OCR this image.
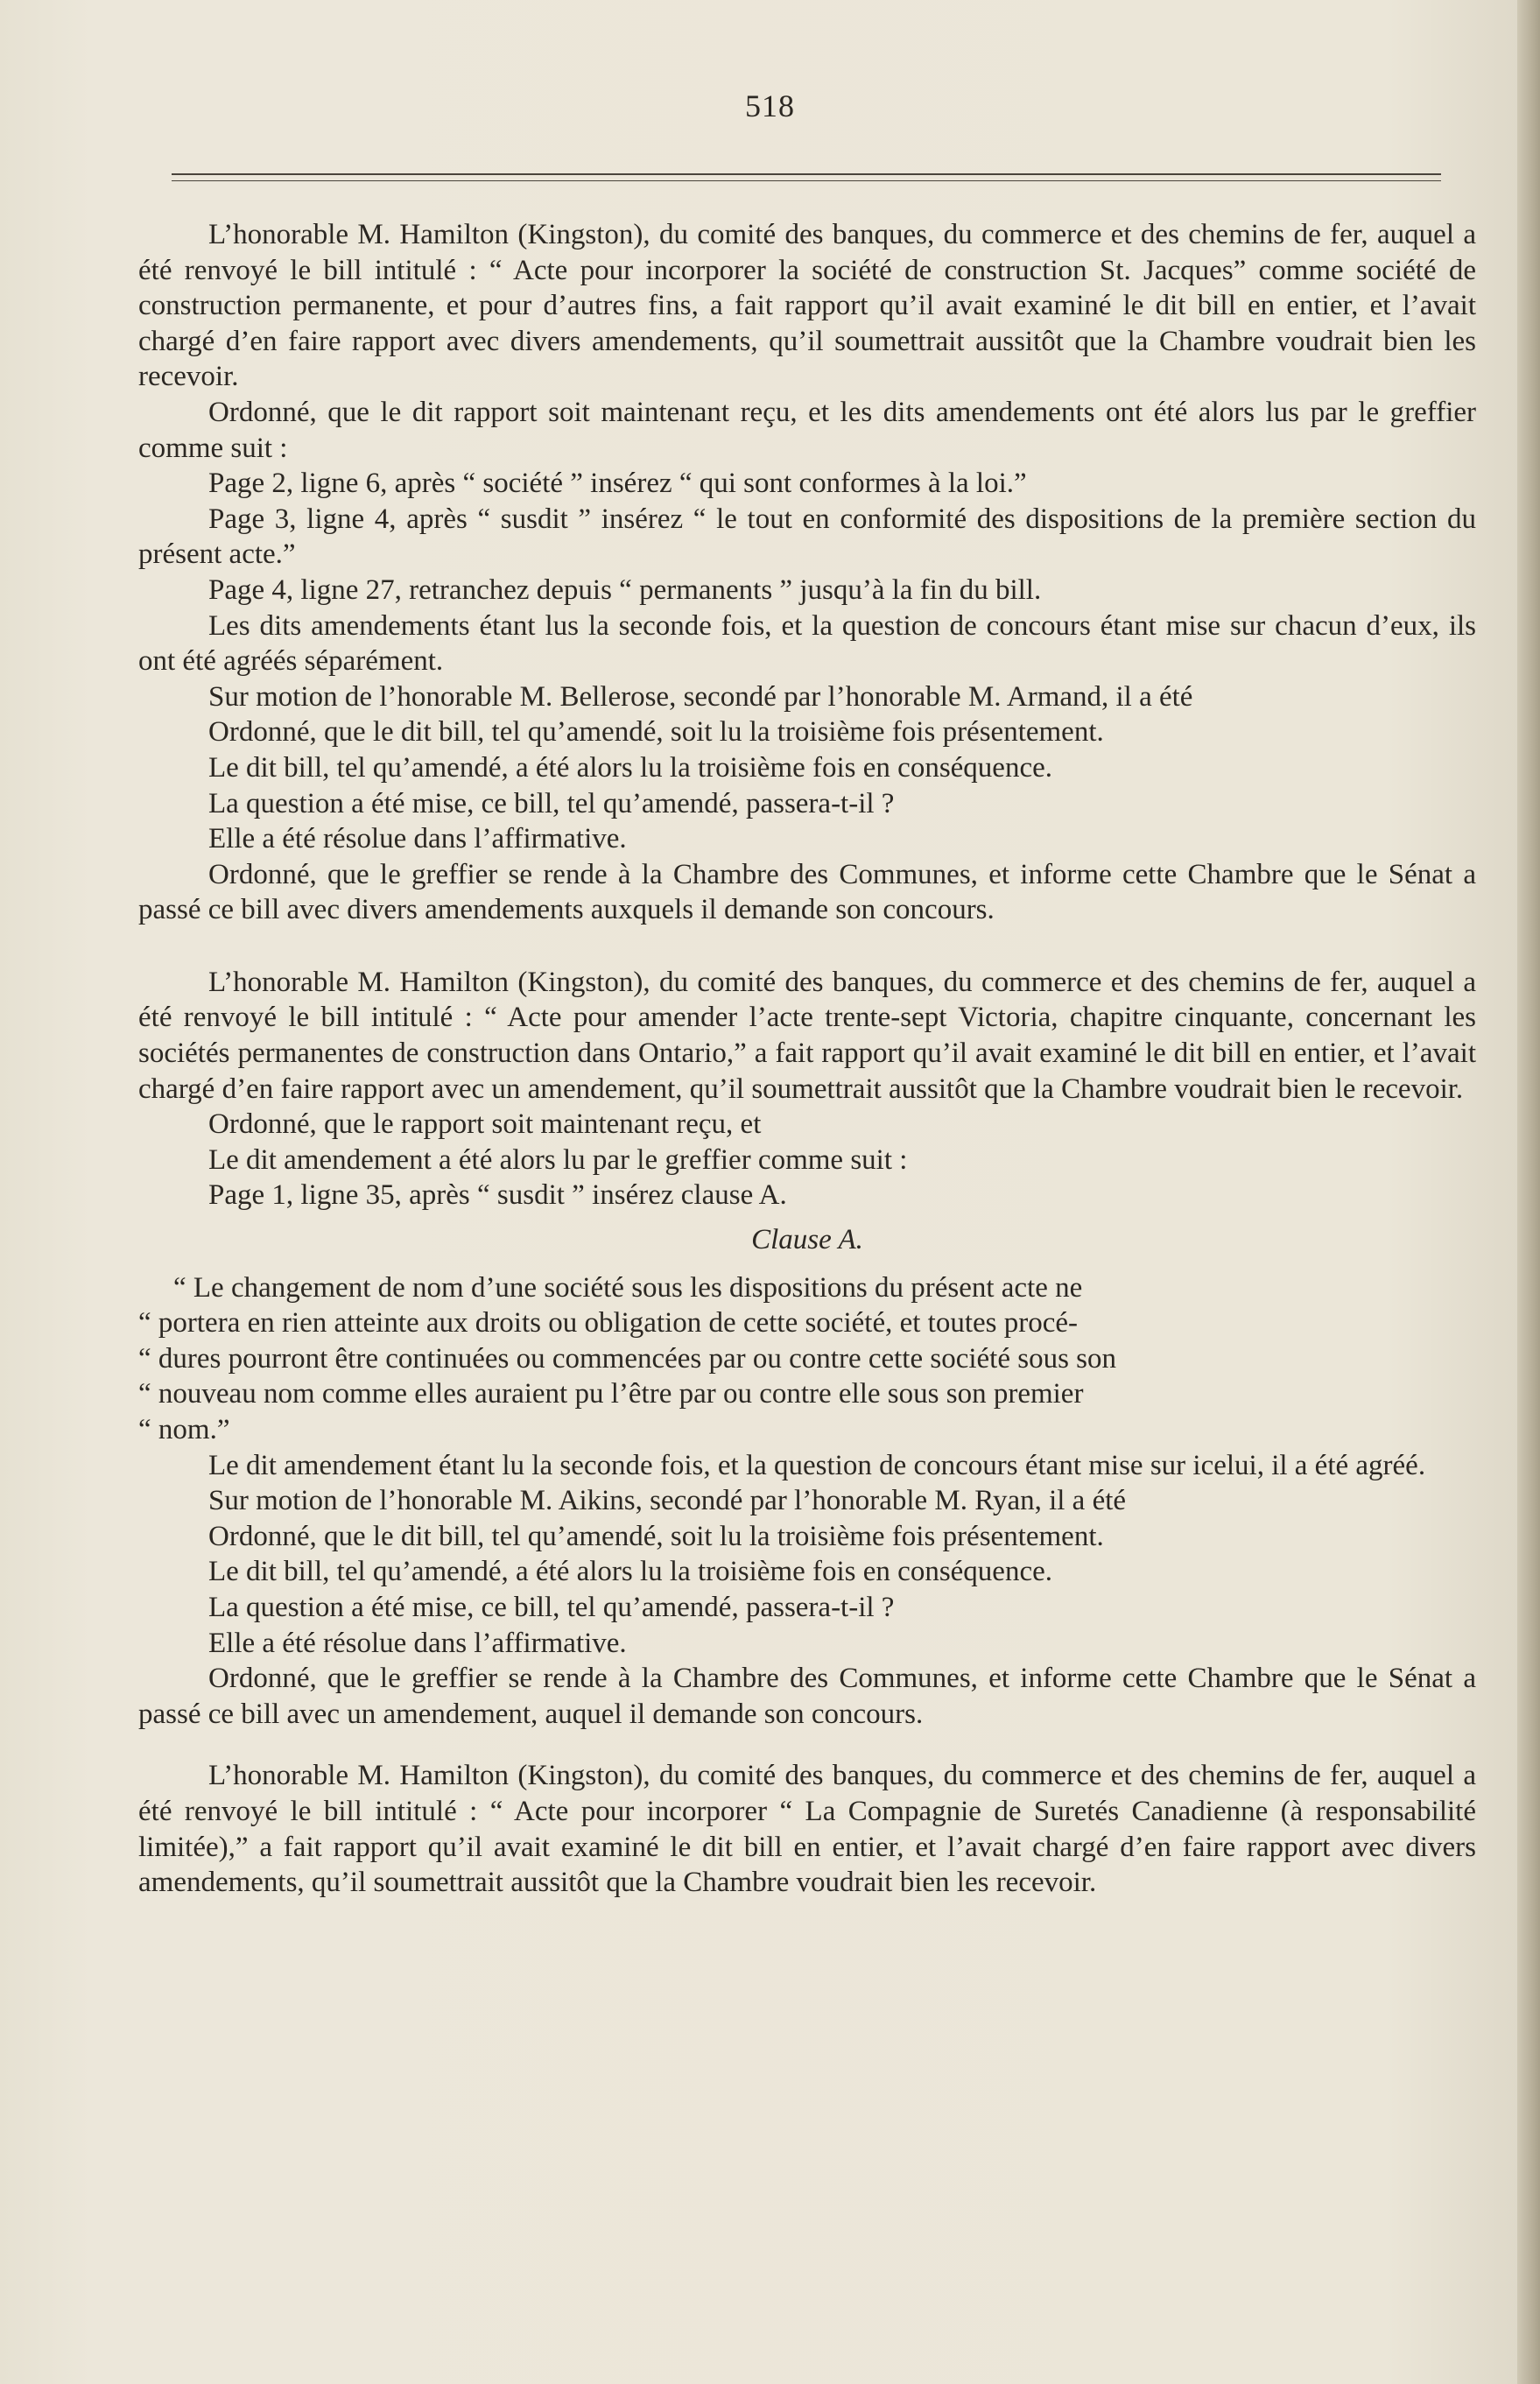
518

L’honorable M. Hamilton (Kingston), du comité des banques, du commerce et des chemins de fer, auquel a été renvoyé le bill intitulé : “ Acte pour incorporer la société de construction St. Jacques” comme société de construction permanente, et pour d’autres fins, a fait rapport qu’il avait examiné le dit bill en entier, et l’avait chargé d’en faire rapport avec divers amendements, qu’il soumettrait aussitôt que la Chambre voudrait bien les recevoir.

Ordonné, que le dit rapport soit maintenant reçu, et les dits amendements ont été alors lus par le greffier comme suit :

Page 2, ligne 6, après “ société ” insérez “ qui sont conformes à la loi.”

Page 3, ligne 4, après “ susdit ” insérez “ le tout en conformité des dispositions de la première section du présent acte.”

Page 4, ligne 27, retranchez depuis “ permanents ” jusqu’à la fin du bill.

Les dits amendements étant lus la seconde fois, et la question de concours étant mise sur chacun d’eux, ils ont été agréés séparément.

Sur motion de l’honorable M. Bellerose, secondé par l’honorable M. Armand, il a été

Ordonné, que le dit bill, tel qu’amendé, soit lu la troisième fois présentement.

Le dit bill, tel qu’amendé, a été alors lu la troisième fois en conséquence.

La question a été mise, ce bill, tel qu’amendé, passera-t-il ?

Elle a été résolue dans l’affirmative.

Ordonné, que le greffier se rende à la Chambre des Communes, et informe cette Chambre que le Sénat a passé ce bill avec divers amendements auxquels il demande son concours.

L’honorable M. Hamilton (Kingston), du comité des banques, du commerce et des chemins de fer, auquel a été renvoyé le bill intitulé : “ Acte pour amender l’acte trente-sept Victoria, chapitre cinquante, concernant les sociétés permanentes de construction dans Ontario,” a fait rapport qu’il avait examiné le dit bill en entier, et l’avait chargé d’en faire rapport avec un amendement, qu’il soumettrait aussitôt que la Chambre voudrait bien le recevoir.

Ordonné, que le rapport soit maintenant reçu, et

Le dit amendement a été alors lu par le greffier comme suit :

Page 1, ligne 35, après “ susdit ” insérez clause A.

Clause A.

“ Le changement de nom d’une société sous les dispositions du présent acte ne

“ portera en rien atteinte aux droits ou obligation de cette société, et toutes procé-

“ dures pourront être continuées ou commencées par ou contre cette société sous son

“ nouveau nom comme elles auraient pu l’être par ou contre elle sous son premier

“ nom.”

Le dit amendement étant lu la seconde fois, et la question de concours étant mise sur icelui, il a été agréé.

Sur motion de l’honorable M. Aikins, secondé par l’honorable M. Ryan, il a été

Ordonné, que le dit bill, tel qu’amendé, soit lu la troisième fois présentement.

Le dit bill, tel qu’amendé, a été alors lu la troisième fois en conséquence.

La question a été mise, ce bill, tel qu’amendé, passera-t-il ?

Elle a été résolue dans l’affirmative.

Ordonné, que le greffier se rende à la Chambre des Communes, et informe cette Chambre que le Sénat a passé ce bill avec un amendement, auquel il demande son concours.

L’honorable M. Hamilton (Kingston), du comité des banques, du commerce et des chemins de fer, auquel a été renvoyé le bill intitulé : “ Acte pour incorporer “ La Compagnie de Suretés Canadienne (à responsabilité limitée),” a fait rapport qu’il avait examiné le dit bill en entier, et l’avait chargé d’en faire rapport avec divers amendements, qu’il soumettrait aussitôt que la Chambre voudrait bien les recevoir.
